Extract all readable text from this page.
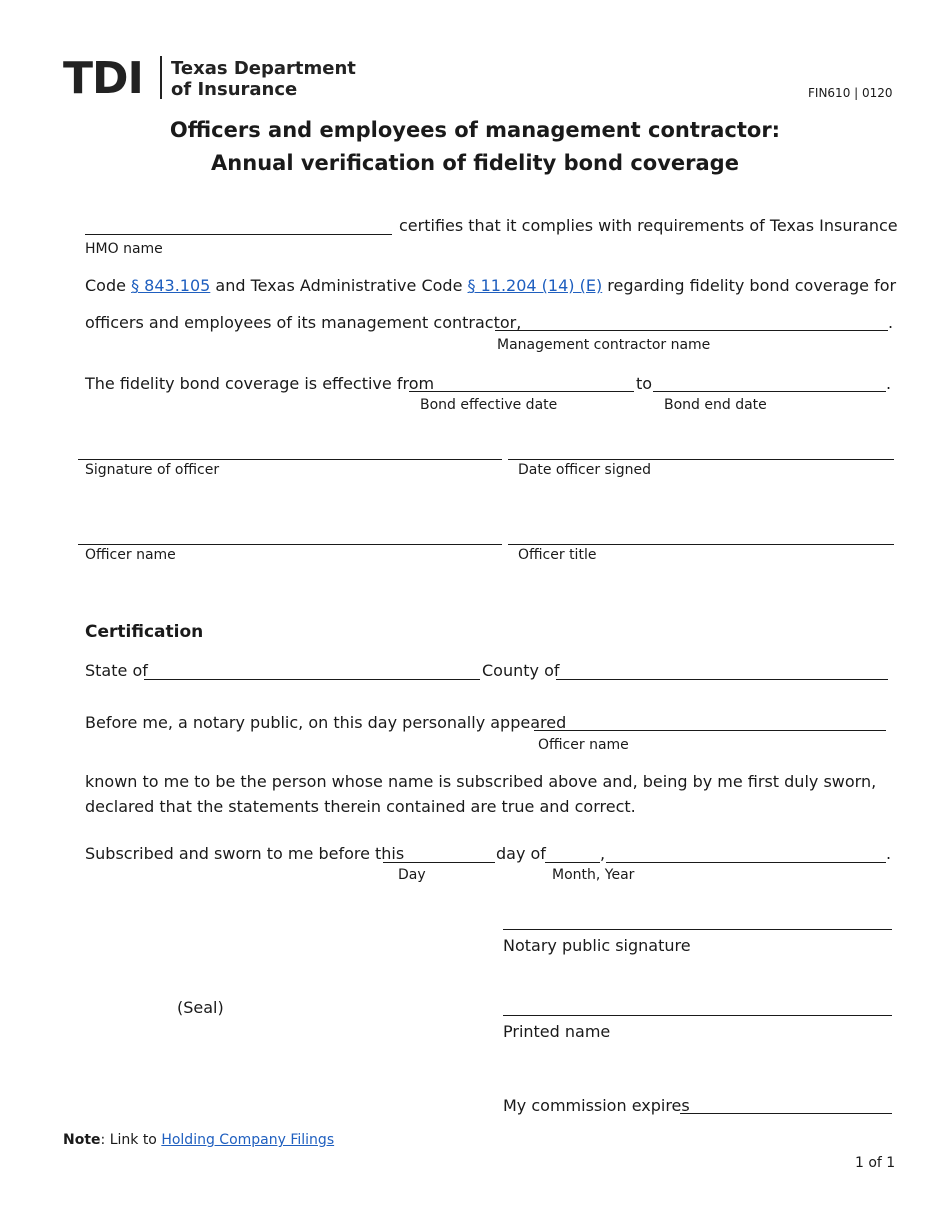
TDI Texas Department
of Insurance	FIN610 | 0120
Officers and employees of management contractor:
Annual verification of fidelity bond coverage
certifies that it complies with requirements of Texas Insurance
HMO name
Code § 843.105 and Texas Administrative Code § 11.204 (14) (E) regarding fidelity bond coverage for
officers and employees of its management contractor,	.
Management contractor name
The fidelity bond coverage is effective from	to	.
Bond effective date	Bond end date
Signature of officer	Date officer signed
Officer name	Officer title
Certification
State of	County of
Before me, a notary public, on this day personally appeared
Officer name
known to me to be the person whose name is subscribed above and, being by me first duly sworn,
declared that the statements therein contained are true and correct.
Subscribed and sworn to me before this	day of	,	.
Day	Month, Year
Notary public signature
(Seal)
Printed name
My commission expires
Note: Link to Holding Company Filings
1 of 1
